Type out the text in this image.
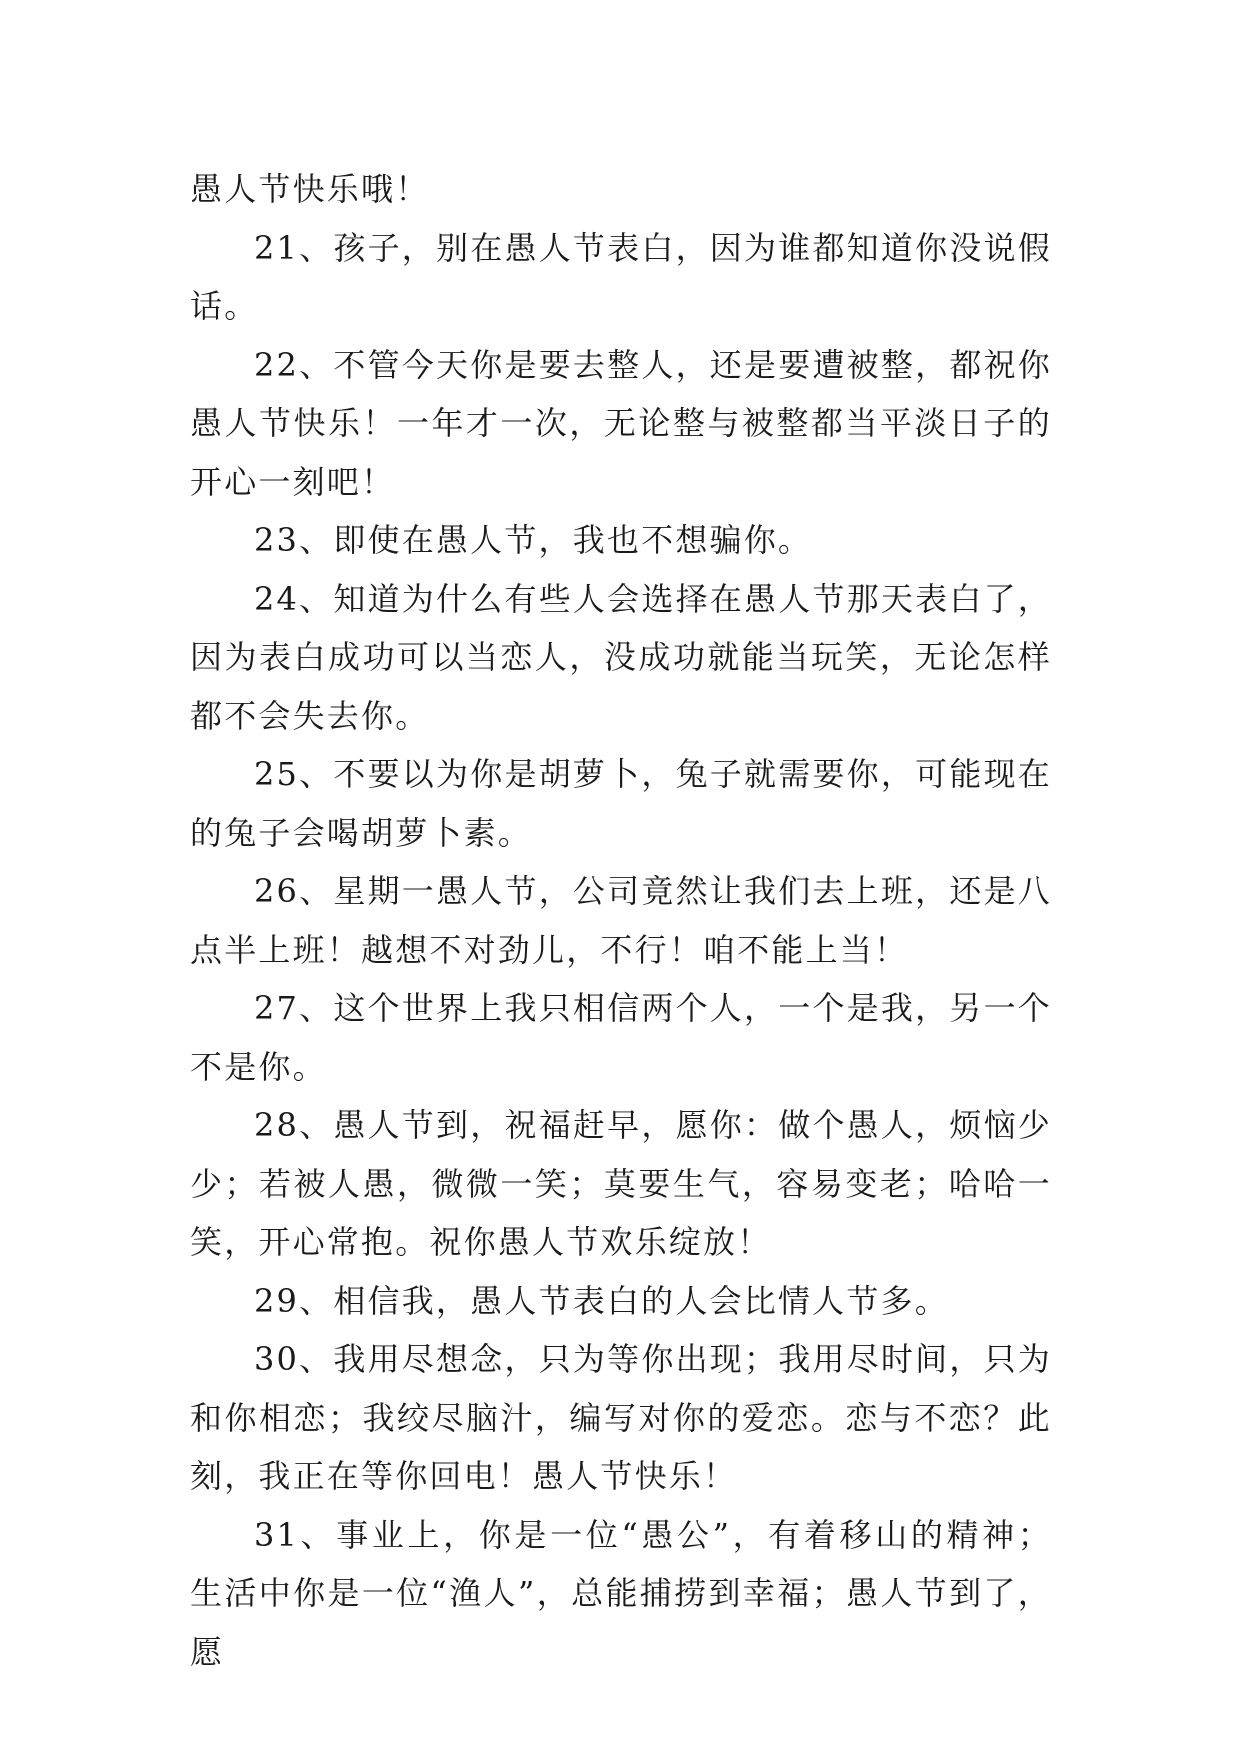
愚人节快乐哦！

21、孩子，别在愚人节表白，因为谁都知道你没说假话。

22、不管今天你是要去整人，还是要遭被整，都祝你愚人节快乐！一年才一次，无论整与被整都当平淡日子的开心一刻吧！

23、即使在愚人节，我也不想骗你。

24、知道为什么有些人会选择在愚人节那天表白了，因为表白成功可以当恋人，没成功就能当玩笑，无论怎样都不会失去你。

25、不要以为你是胡萝卜，兔子就需要你，可能现在的兔子会喝胡萝卜素。

26、星期一愚人节，公司竟然让我们去上班，还是八点半上班！越想不对劲儿，不行！咱不能上当！

27、这个世界上我只相信两个人，一个是我，另一个不是你。

28、愚人节到，祝福赶早，愿你：做个愚人，烦恼少少；若被人愚，微微一笑；莫要生气，容易变老；哈哈一笑，开心常抱。祝你愚人节欢乐绽放！

29、相信我，愚人节表白的人会比情人节多。

30、我用尽想念，只为等你出现；我用尽时间，只为和你相恋；我绞尽脑汁，编写对你的爱恋。恋与不恋？此刻，我正在等你回电！愚人节快乐！

31、事业上，你是一位“愚公”，有着移山的精神；生活中你是一位“渔人”，总能捕捞到幸福；愚人节到了，愿
